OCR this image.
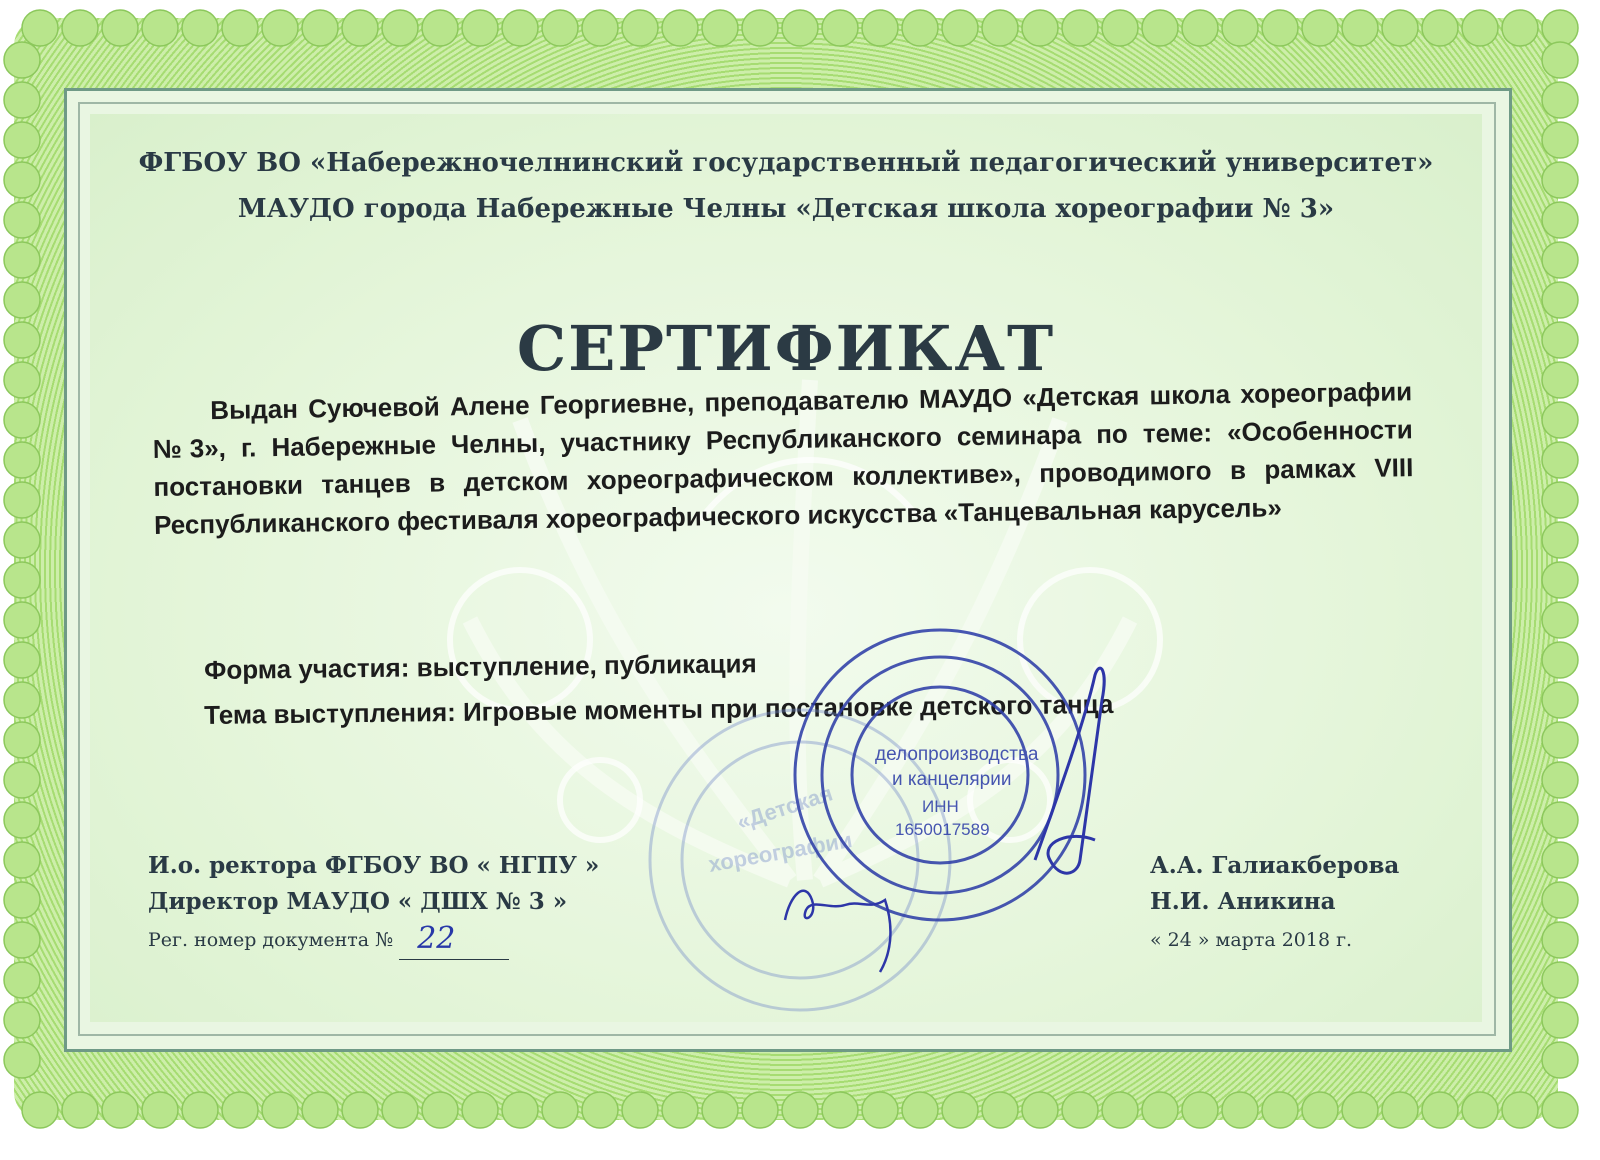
ФГБОУ ВО «Набережночелнинский государственный педагогический университет»
МАУДО города Набережные Челны «Детская школа хореографии № 3»
СЕРТИФИКАТ
Выдан Суючевой Алене Георгиевне, преподавателю МАУДО «Детская школа хореографии №3», г. Набережные Челны, участнику Республиканского семинара по теме: «Особенности постановки танцев в детском хореографическом коллективе», проводимого в рамках VIII Республиканского фестиваля хореографического искусства «Танцевальная карусель»
Форма участия: выступление, публикация
Тема выступления: Игровые моменты при постановке детского танца
«Детская
хореографии
делопроизводства
и канцелярии
ИНН
1650017589
И.о. ректора ФГБОУ ВО « НГПУ »
Директор МАУДО « ДШХ № 3 »
Рег. номер документа № 22
А.А. Галиакберова
Н.И. Аникина
« 24 » марта 2018 г.
